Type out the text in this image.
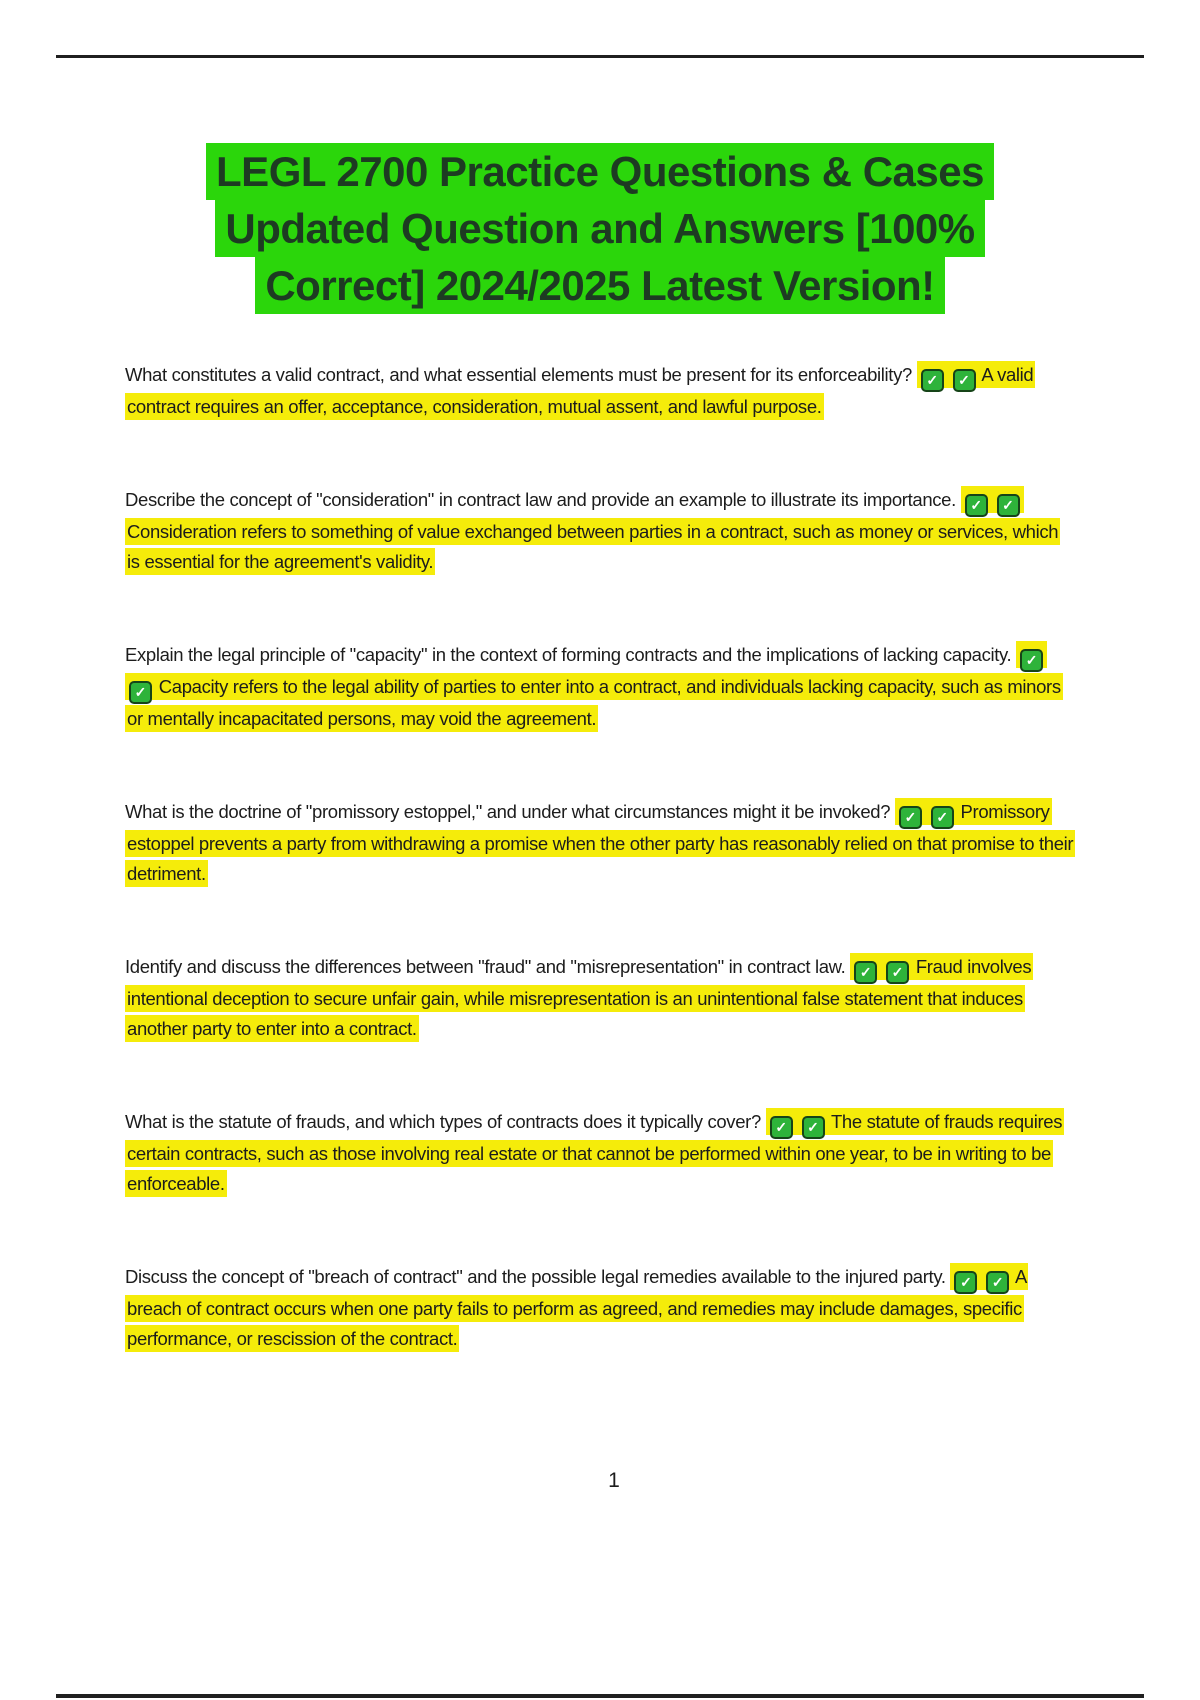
LEGL 2700 Practice Questions & Cases
Updated Question and Answers [100%
Correct] 2024/2025 Latest Version!

What constitutes a valid contract, and what essential elements must be present for its enforceability? ✓ ✓ A valid contract requires an offer, acceptance, consideration, mutual assent, and lawful purpose.

Describe the concept of "consideration" in contract law and provide an example to illustrate its importance. ✓ ✓ Consideration refers to something of value exchanged between parties in a contract, such as money or services, which is essential for the agreement's validity.

Explain the legal principle of "capacity" in the context of forming contracts and the implications of lacking capacity. ✓ ✓ Capacity refers to the legal ability of parties to enter into a contract, and individuals lacking capacity, such as minors or mentally incapacitated persons, may void the agreement.

What is the doctrine of "promissory estoppel," and under what circumstances might it be invoked? ✓ ✓ Promissory estoppel prevents a party from withdrawing a promise when the other party has reasonably relied on that promise to their detriment.

Identify and discuss the differences between "fraud" and "misrepresentation" in contract law. ✓ ✓ Fraud involves intentional deception to secure unfair gain, while misrepresentation is an unintentional false statement that induces another party to enter into a contract.

What is the statute of frauds, and which types of contracts does it typically cover? ✓ ✓ The statute of frauds requires certain contracts, such as those involving real estate or that cannot be performed within one year, to be in writing to be enforceable.

Discuss the concept of "breach of contract" and the possible legal remedies available to the injured party. ✓ ✓ A breach of contract occurs when one party fails to perform as agreed, and remedies may include damages, specific performance, or rescission of the contract.

1
